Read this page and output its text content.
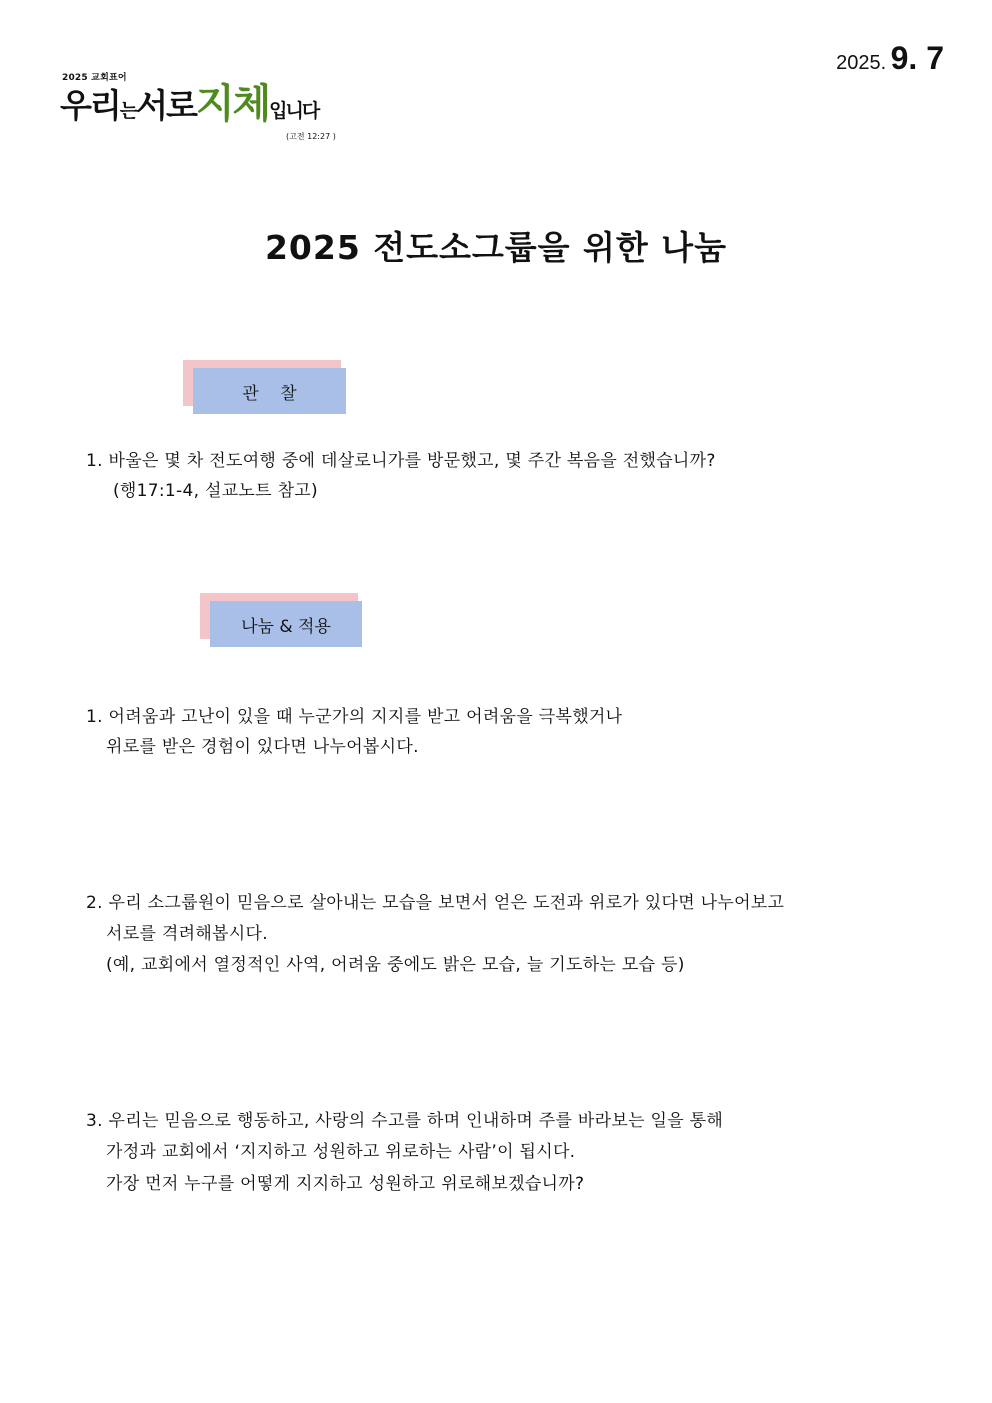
2025 교회표어
우리는서로지체입니다
(고전 12:27 )
2025. 9. 7
2025 전도소그룹을 위한 나눔
관    찰
1. 바울은 몇 차 전도여행 중에 데살로니가를 방문했고, 몇 주간 복음을 전했습니까?
(행17:1-4, 설교노트 참고)
나눔 & 적용
1. 어려움과 고난이 있을 때 누군가의 지지를 받고 어려움을 극복했거나
위로를 받은 경험이 있다면 나누어봅시다.
2. 우리 소그룹원이 믿음으로 살아내는 모습을 보면서 얻은 도전과 위로가 있다면 나누어보고
서로를 격려해봅시다.
(예, 교회에서 열정적인 사역, 어려움 중에도 밝은 모습, 늘 기도하는 모습 등)
3. 우리는 믿음으로 행동하고, 사랑의 수고를 하며 인내하며 주를 바라보는 일을 통해
가정과 교회에서 ‘지지하고 성원하고 위로하는 사람’이 됩시다.
가장 먼저 누구를 어떻게 지지하고 성원하고 위로해보겠습니까?
